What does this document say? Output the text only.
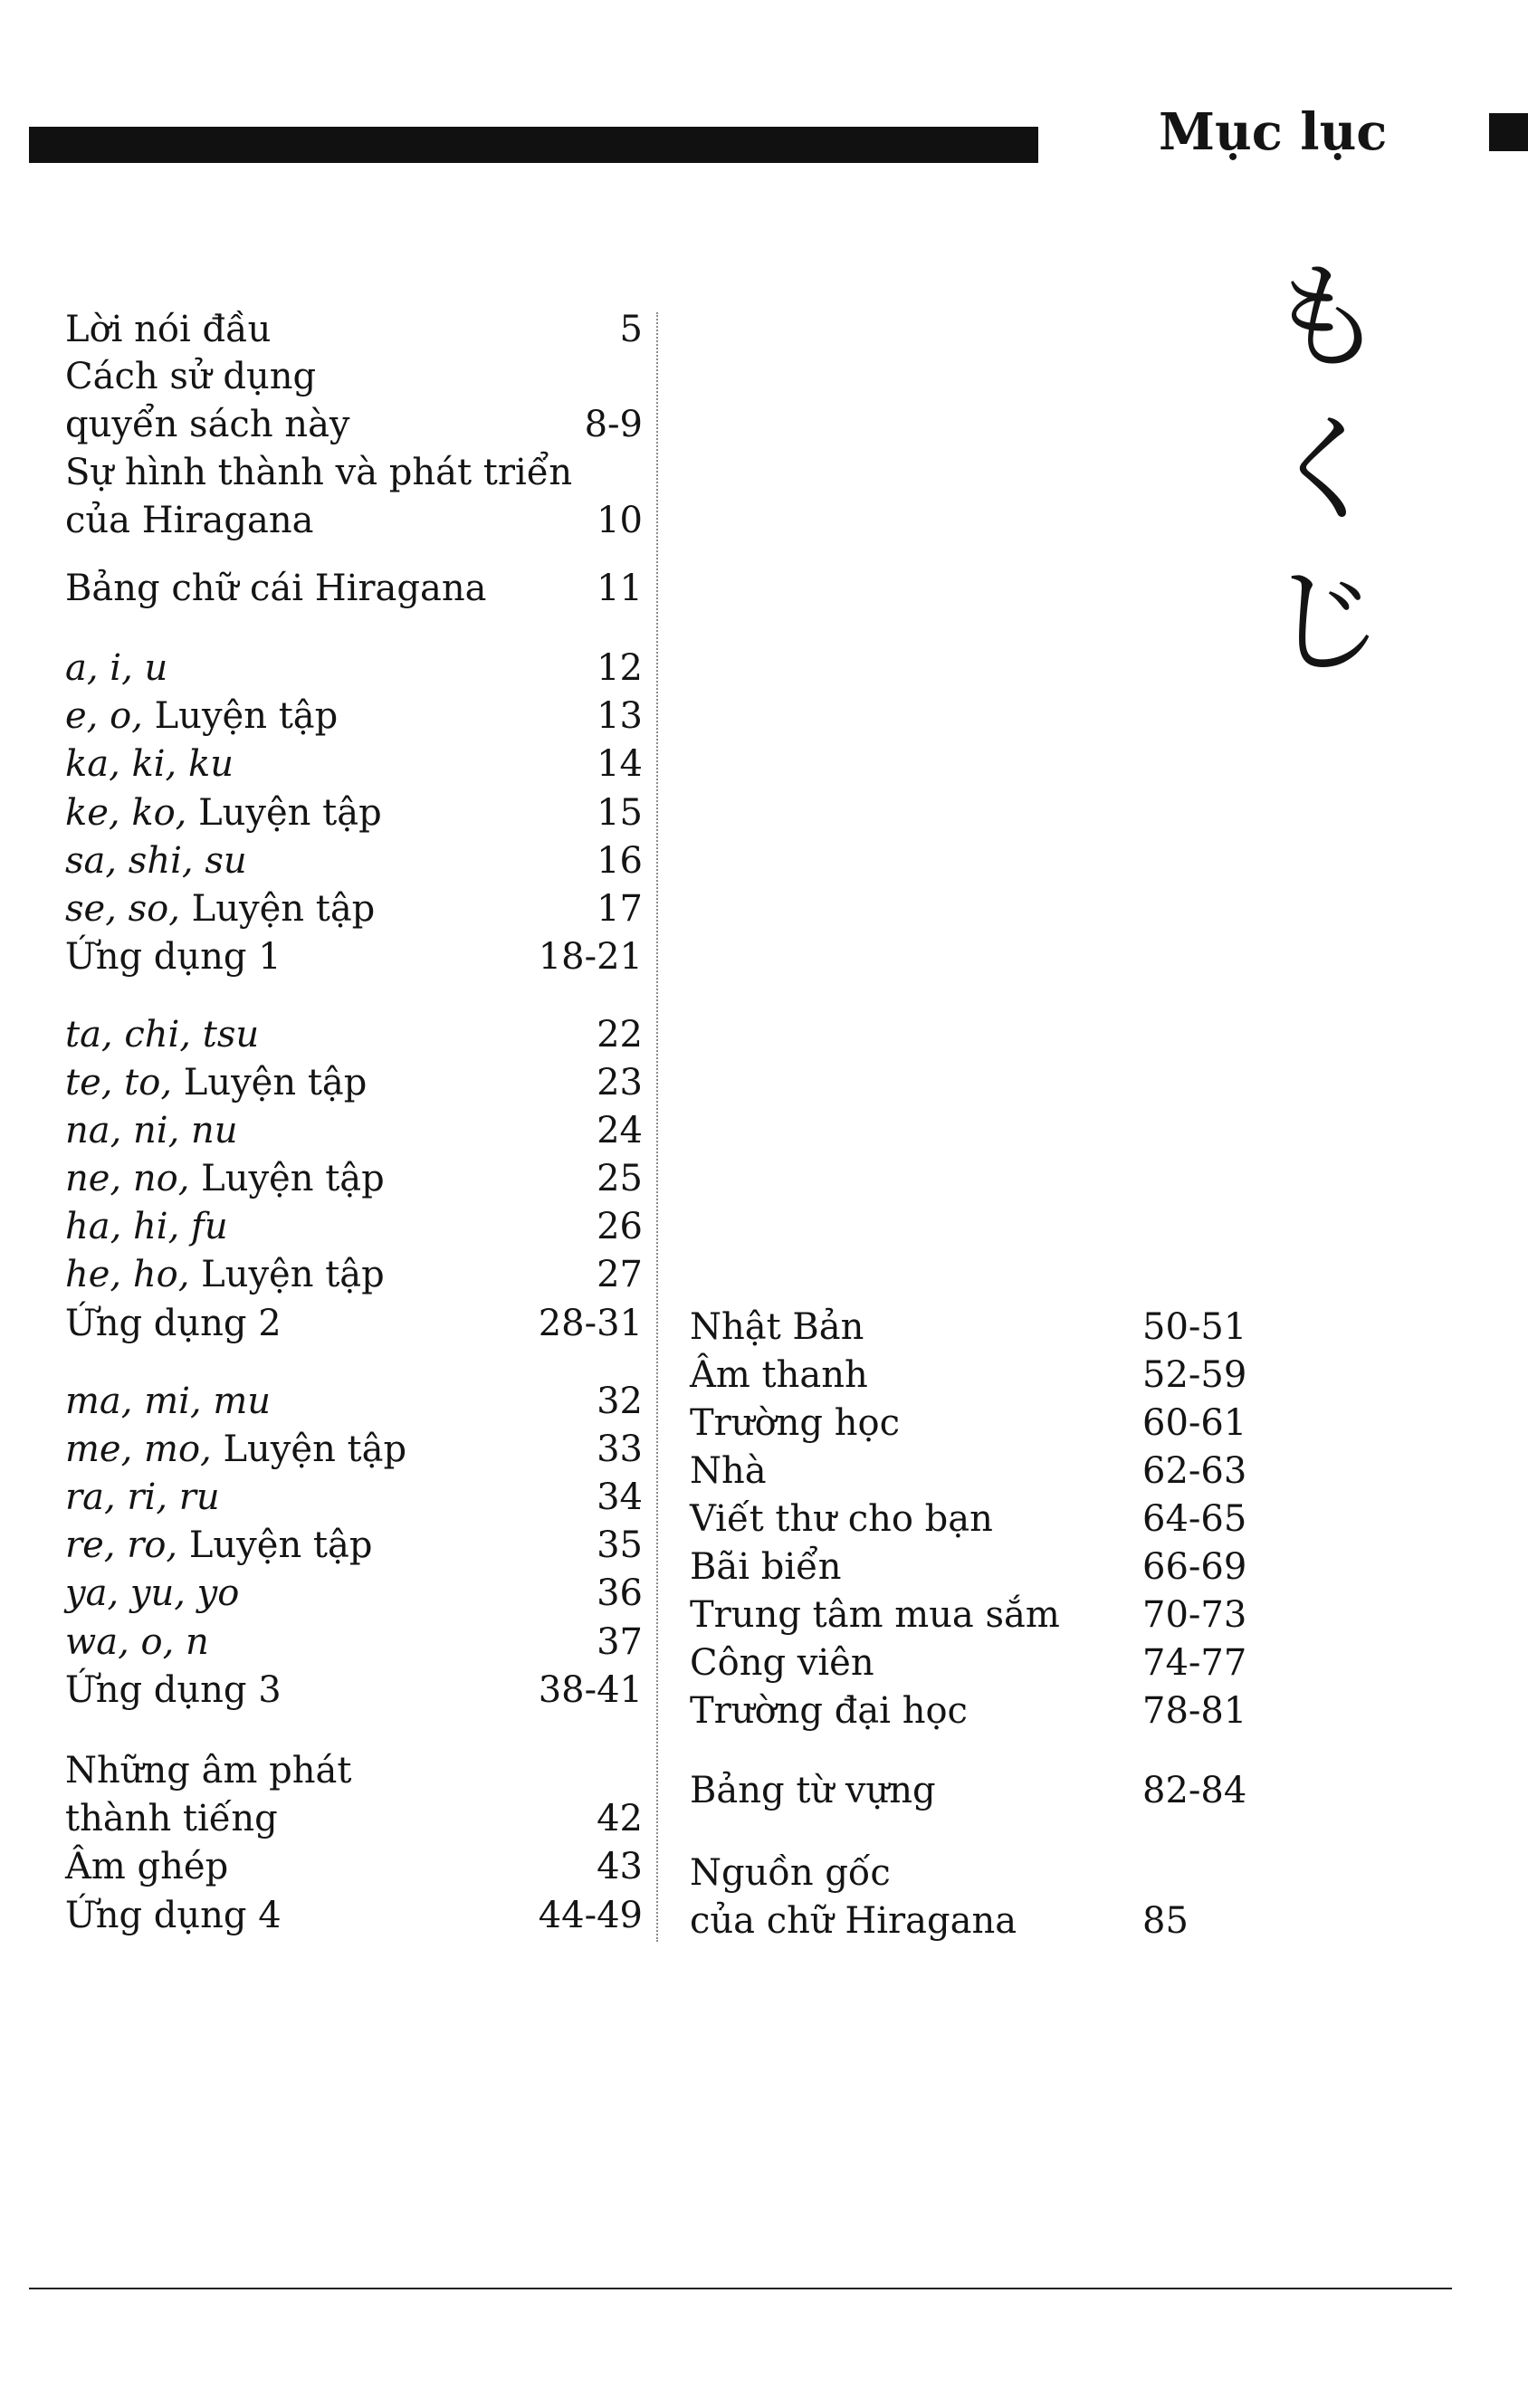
Mục lục
も
く
じ
Lời nói đầu	5
Cách sử dụng
quyển sách này	8-9
Sự hình thành và phát triển
của Hiragana	10
Bảng chữ cái Hiragana	11
a, i, u	12
e, o, Luyện tập	13
ka, ki, ku	14
ke, ko, Luyện tập	15
sa, shi, su	16
se, so, Luyện tập	17
Ứng dụng 1	18-21
ta, chi, tsu	22
te, to, Luyện tập	23
na, ni, nu	24
ne, no, Luyện tập	25
ha, hi, fu	26
he, ho, Luyện tập	27
Ứng dụng 2	28-31
ma, mi, mu	32
me, mo, Luyện tập	33
ra, ri, ru	34
re, ro, Luyện tập	35
ya, yu, yo	36
wa, o, n	37
Ứng dụng 3	38-41
Những âm phát
thành tiếng	42
Âm ghép	43
Ứng dụng 4	44-49
Nhật Bản	50-51
Âm thanh	52-59
Trường học	60-61
Nhà	62-63
Viết thư cho bạn	64-65
Bãi biển	66-69
Trung tâm mua sắm 70-73
Công viên	74-77
Trường đại học	78-81
Bảng từ vựng	82-84
Nguồn gốc
của chữ Hiragana	85
